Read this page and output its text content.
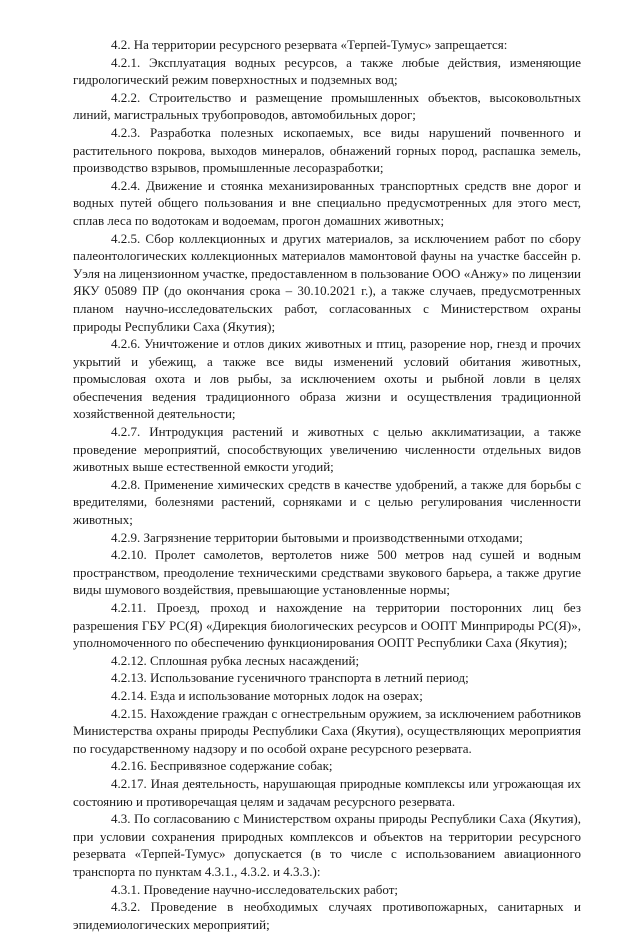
4.2. На территории ресурсного резервата «Терпей-Тумус» запрещается:

4.2.1. Эксплуатация водных ресурсов, а также любые действия, изменяющие гидрологический режим поверхностных и подземных вод;

4.2.2. Строительство и размещение промышленных объектов, высоковольтных линий, магистральных трубопроводов, автомобильных дорог;

4.2.3. Разработка полезных ископаемых, все виды нарушений почвенного и растительного покрова, выходов минералов, обнажений горных пород, распашка земель, производство взрывов, промышленные лесоразработки;

4.2.4. Движение и стоянка механизированных транспортных средств вне дорог и водных путей общего пользования и вне специально предусмотренных для этого мест, сплав леса по водотокам и водоемам, прогон домашних животных;

4.2.5. Сбор коллекционных и других материалов, за исключением работ по сбору палеонтологических коллекционных материалов мамонтовой фауны на участке бассейн р. Уэля на лицензионном участке, предоставленном в пользование ООО «Анжу» по лицензии ЯКУ 05089 ПР (до окончания срока – 30.10.2021 г.), а также случаев, предусмотренных планом научно-исследовательских работ, согласованных с Министерством охраны природы Республики Саха (Якутия);

4.2.6. Уничтожение и отлов диких животных и птиц, разорение нор, гнезд и прочих укрытий и убежищ, а также все виды изменений условий обитания животных, промысловая охота и лов рыбы, за исключением охоты и рыбной ловли в целях обеспечения ведения традиционного образа жизни и осуществления традиционной хозяйственной деятельности;

4.2.7. Интродукция растений и животных с целью акклиматизации, а также проведение мероприятий, способствующих увеличению численности отдельных видов животных выше естественной емкости угодий;

4.2.8. Применение химических средств в качестве удобрений, а также для борьбы с вредителями, болезнями растений, сорняками и с целью регулирования численности животных;

4.2.9. Загрязнение территории бытовыми и производственными отходами;

4.2.10. Пролет самолетов, вертолетов ниже 500 метров над сушей и водным пространством, преодоление техническими средствами звукового барьера, а также другие виды шумового воздействия, превышающие установленные нормы;

4.2.11. Проезд, проход и нахождение на территории посторонних лиц без разрешения ГБУ РС(Я) «Дирекция биологических ресурсов и ООПТ Минприроды РС(Я)», уполномоченного по обеспечению функционирования ООПТ Республики Саха (Якутия);

4.2.12. Сплошная рубка лесных насаждений;

4.2.13. Использование гусеничного транспорта в летний период;

4.2.14. Езда и использование моторных лодок на озерах;

4.2.15. Нахождение граждан с огнестрельным оружием, за исключением работников Министерства охраны природы Республики Саха (Якутия), осуществляющих мероприятия по государственному надзору и по особой охране ресурсного резервата.

4.2.16. Беспривязное содержание собак;

4.2.17. Иная деятельность, нарушающая природные комплексы или угрожающая их состоянию и противоречащая целям и задачам ресурсного резервата.

4.3. По согласованию с Министерством охраны природы Республики Саха (Якутия), при условии сохранения природных комплексов и объектов на территории ресурсного резервата «Терпей-Тумус» допускается (в то числе с использованием авиационного транспорта по пунктам 4.3.1., 4.3.2. и 4.3.3.):

4.3.1. Проведение научно-исследовательских работ;

4.3.2. Проведение в необходимых случаях противопожарных, санитарных и эпидемиологических мероприятий;
